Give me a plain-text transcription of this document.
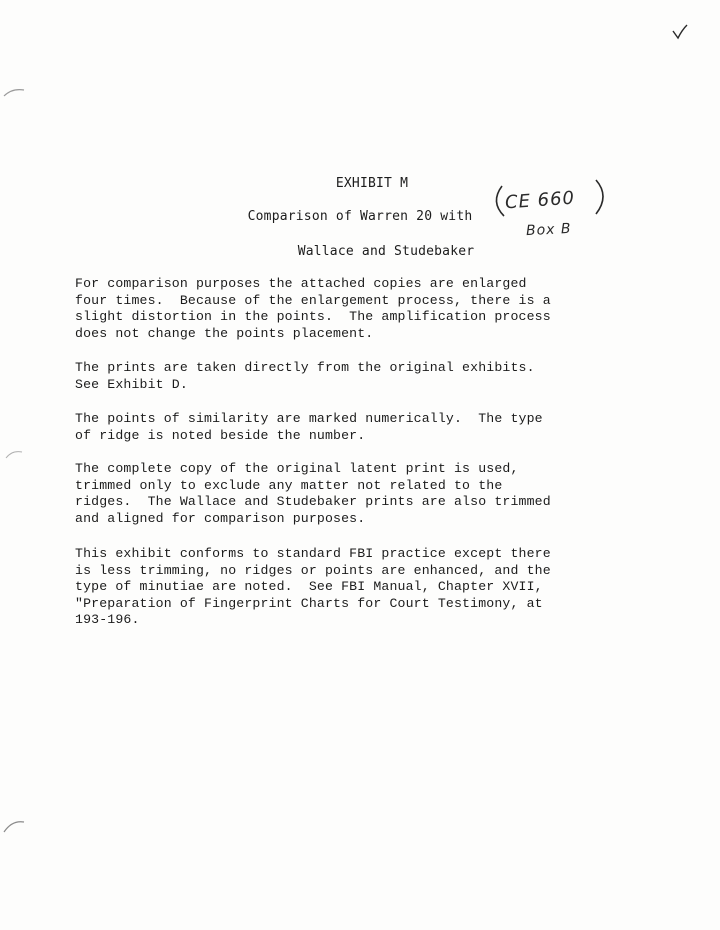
EXHIBIT M
Comparison of Warren 20 with
Wallace and Studebaker
CE 660
Box B
For comparison purposes the attached copies are enlarged
four times.  Because of the enlargement process, there is a
slight distortion in the points.  The amplification process
does not change the points placement.
The prints are taken directly from the original exhibits.
See Exhibit D.
The points of similarity are marked numerically.  The type
of ridge is noted beside the number.
The complete copy of the original latent print is used,
trimmed only to exclude any matter not related to the
ridges.  The Wallace and Studebaker prints are also trimmed
and aligned for comparison purposes.
This exhibit conforms to standard FBI practice except there
is less trimming, no ridges or points are enhanced, and the
type of minutiae are noted.  See FBI Manual, Chapter XVII,
"Preparation of Fingerprint Charts for Court Testimony, at
193-196.
